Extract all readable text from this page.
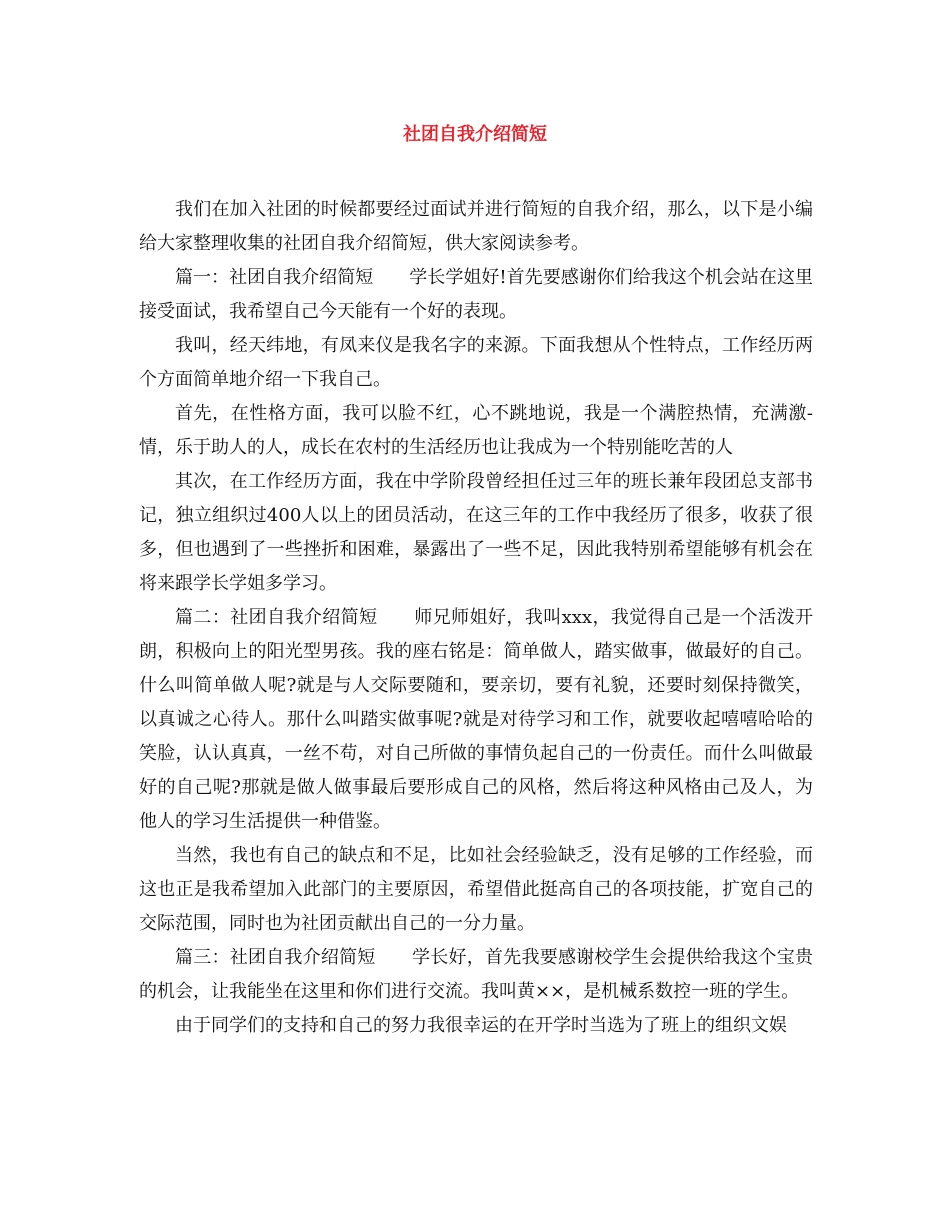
社团自我介绍简短

我们在加入社团的时候都要经过面试并进行简短的自我介绍，那么，以下是小编给大家整理收集的社团自我介绍简短，供大家阅读参考。

篇一：社团自我介绍简短　　学长学姐好!首先要感谢你们给我这个机会站在这里接受面试，我希望自己今天能有一个好的表现。

我叫，经天纬地，有凤来仪是我名字的来源。下面我想从个性特点，工作经历两个方面简单地介绍一下我自己。

首先，在性格方面，我可以脸不红，心不跳地说，我是一个满腔热情，充满激-情，乐于助人的人，成长在农村的生活经历也让我成为一个特别能吃苦的人

其次，在工作经历方面，我在中学阶段曾经担任过三年的班长兼年段团总支部书记，独立组织过400人以上的团员活动，在这三年的工作中我经历了很多，收获了很多，但也遇到了一些挫折和困难，暴露出了一些不足，因此我特别希望能够有机会在将来跟学长学姐多学习。

篇二：社团自我介绍简短　　师兄师姐好，我叫xxx，我觉得自己是一个活泼开朗，积极向上的阳光型男孩。我的座右铭是：简单做人，踏实做事，做最好的自己。什么叫简单做人呢?就是与人交际要随和，要亲切，要有礼貌，还要时刻保持微笑，以真诚之心待人。那什么叫踏实做事呢?就是对待学习和工作，就要收起嘻嘻哈哈的笑脸，认认真真，一丝不苟，对自己所做的事情负起自己的一份责任。而什么叫做最好的自己呢?那就是做人做事最后要形成自己的风格，然后将这种风格由己及人，为他人的学习生活提供一种借鉴。

当然，我也有自己的缺点和不足，比如社会经验缺乏，没有足够的工作经验，而这也正是我希望加入此部门的主要原因，希望借此挺高自己的各项技能，扩宽自己的交际范围，同时也为社团贡献出自己的一分力量。

篇三：社团自我介绍简短　　学长好，首先我要感谢校学生会提供给我这个宝贵的机会，让我能坐在这里和你们进行交流。我叫黄××，是机械系数控一班的学生。

由于同学们的支持和自己的努力我很幸运的在开学时当选为了班上的组织文娱
